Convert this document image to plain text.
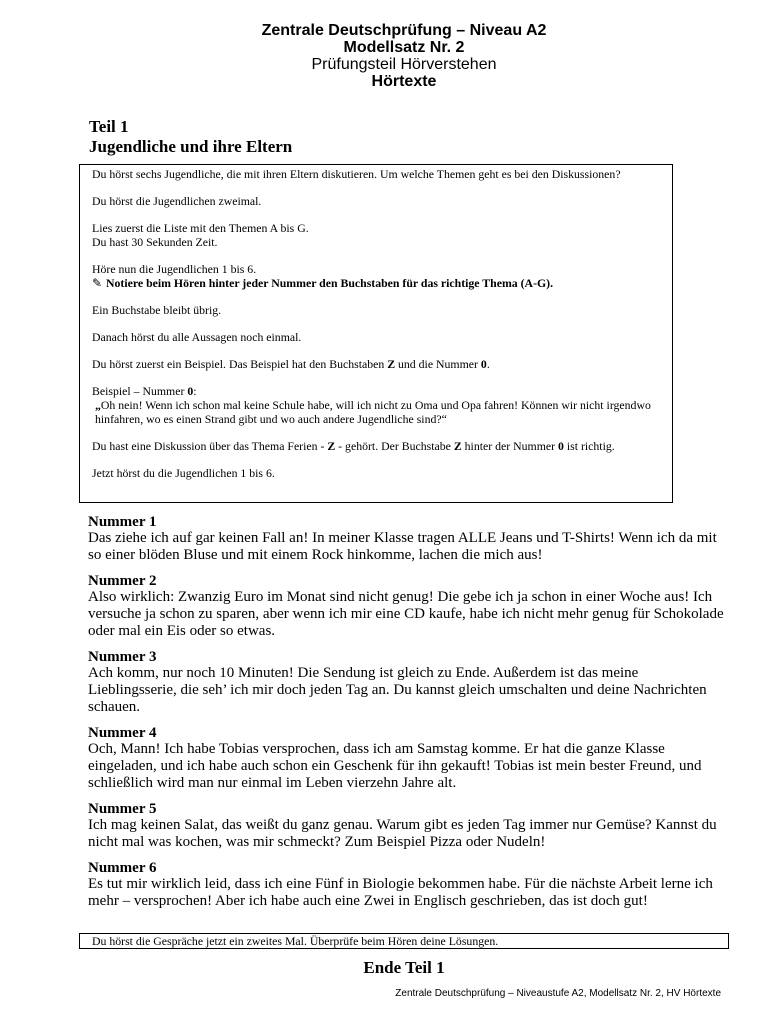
Zentrale Deutschprüfung – Niveau A2
Modellsatz Nr. 2
Prüfungsteil Hörverstehen
Hörtexte
Teil 1
Jugendliche und ihre Eltern

Du hörst sechs Jugendliche, die mit ihren Eltern diskutieren. Um welche Themen geht es bei den Diskussionen?

Du hörst die Jugendlichen zweimal.

Lies zuerst die Liste mit den Themen A bis G.

Du hast 30 Sekunden Zeit.

Höre nun die Jugendlichen 1 bis 6.

✎ Notiere beim Hören hinter jeder Nummer den Buchstaben für das richtige Thema (A-G).

Ein Buchstabe bleibt übrig.

Danach hörst du alle Aussagen noch einmal.

Du hörst zuerst ein Beispiel. Das Beispiel hat den Buchstaben Z und die Nummer 0.

Beispiel – Nummer 0:

„Oh nein! Wenn ich schon mal keine Schule habe, will ich nicht zu Oma und Opa fahren! Können wir nicht irgendwo hinfahren, wo es einen Strand gibt und wo auch andere Jugendliche sind?“

Du hast eine Diskussion über das Thema Ferien - Z - gehört. Der Buchstabe Z hinter der Nummer 0 ist richtig.

Jetzt hörst du die Jugendlichen 1 bis 6.

Nummer 1
Das ziehe ich auf gar keinen Fall an! In meiner Klasse tragen ALLE Jeans und T-Shirts! Wenn ich da mit so einer blöden Bluse und mit einem Rock hinkomme, lachen die mich aus!
Nummer 2
Also wirklich: Zwanzig Euro im Monat sind nicht genug! Die gebe ich ja schon in einer Woche aus! Ich versuche ja schon zu sparen, aber wenn ich mir eine CD kaufe, habe ich nicht mehr genug für Schokolade oder mal ein Eis oder so etwas.
Nummer 3
Ach komm, nur noch 10 Minuten! Die Sendung ist gleich zu Ende. Außerdem ist das meine Lieblingsserie, die seh’ ich mir doch jeden Tag an. Du kannst gleich umschalten und deine Nachrichten schauen.
Nummer 4
Och, Mann! Ich habe Tobias versprochen, dass ich am Samstag komme. Er hat die ganze Klasse eingeladen, und ich habe auch schon ein Geschenk für ihn gekauft! Tobias ist mein bester Freund, und schließlich wird man nur einmal im Leben vierzehn Jahre alt.
Nummer 5
Ich mag keinen Salat, das weißt du ganz genau. Warum gibt es jeden Tag immer nur Gemüse? Kannst du nicht mal was kochen, was mir schmeckt? Zum Beispiel Pizza oder Nudeln!
Nummer 6
Es tut mir wirklich leid, dass ich eine Fünf in Biologie bekommen habe. Für die nächste Arbeit lerne ich mehr – versprochen! Aber ich habe auch eine Zwei in Englisch geschrieben, das ist doch gut!
Du hörst die Gespräche jetzt ein zweites Mal. Überprüfe beim Hören deine Lösungen.
Ende Teil 1
Zentrale Deutschprüfung – Niveaustufe A2, Modellsatz Nr. 2, HV Hörtexte
